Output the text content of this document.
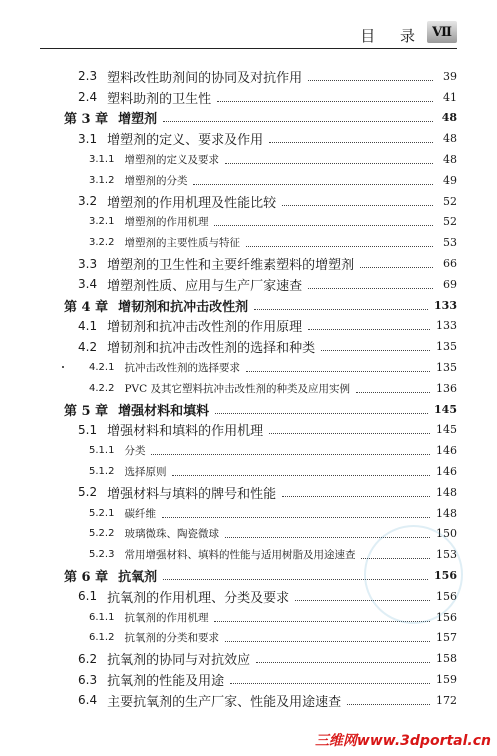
目 录 Ⅶ
2.3 塑料改性助剂间的协同及对抗作用	39
2.4 塑料助剂的卫生性	41
第 3 章 增塑剂	48
3.1 增塑剂的定义、要求及作用	48
3.1.1 增塑剂的定义及要求	48
3.1.2 增塑剂的分类	49
3.2 增塑剂的作用机理及性能比较	52
3.2.1 增塑剂的作用机理	52
3.2.2 增塑剂的主要性质与特征	53
3.3 增塑剂的卫生性和主要纤维素塑料的增塑剂	66
3.4 增塑剂性质、应用与生产厂家速查	69
第 4 章 增韧剂和抗冲击改性剂	133
4.1 增韧剂和抗冲击改性剂的作用原理	133
4.2 增韧剂和抗冲击改性剂的选择和种类	135
4.2.1 抗冲击改性剂的选择要求	135
4.2.2 PVC 及其它塑料抗冲击改性剂的种类及应用实例	136
第 5 章 增强材料和填料	145
5.1 增强材料和填料的作用机理	145
5.1.1 分类	146
5.1.2 选择原则	146
5.2 增强材料与填料的牌号和性能	148
5.2.1 碳纤维	148
5.2.2 玻璃微珠、陶瓷微球	150
5.2.3 常用增强材料、填料的性能与适用树脂及用途速查	153
第 6 章 抗氧剂	156
6.1 抗氧剂的作用机理、分类及要求	156
6.1.1 抗氧剂的作用机理	156
6.1.2 抗氧剂的分类和要求	157
6.2 抗氧剂的协同与对抗效应	158
6.3 抗氧剂的性能及用途	159
6.4 主要抗氧剂的生产厂家、性能及用途速查	172
三维网www.3dportal.cn
